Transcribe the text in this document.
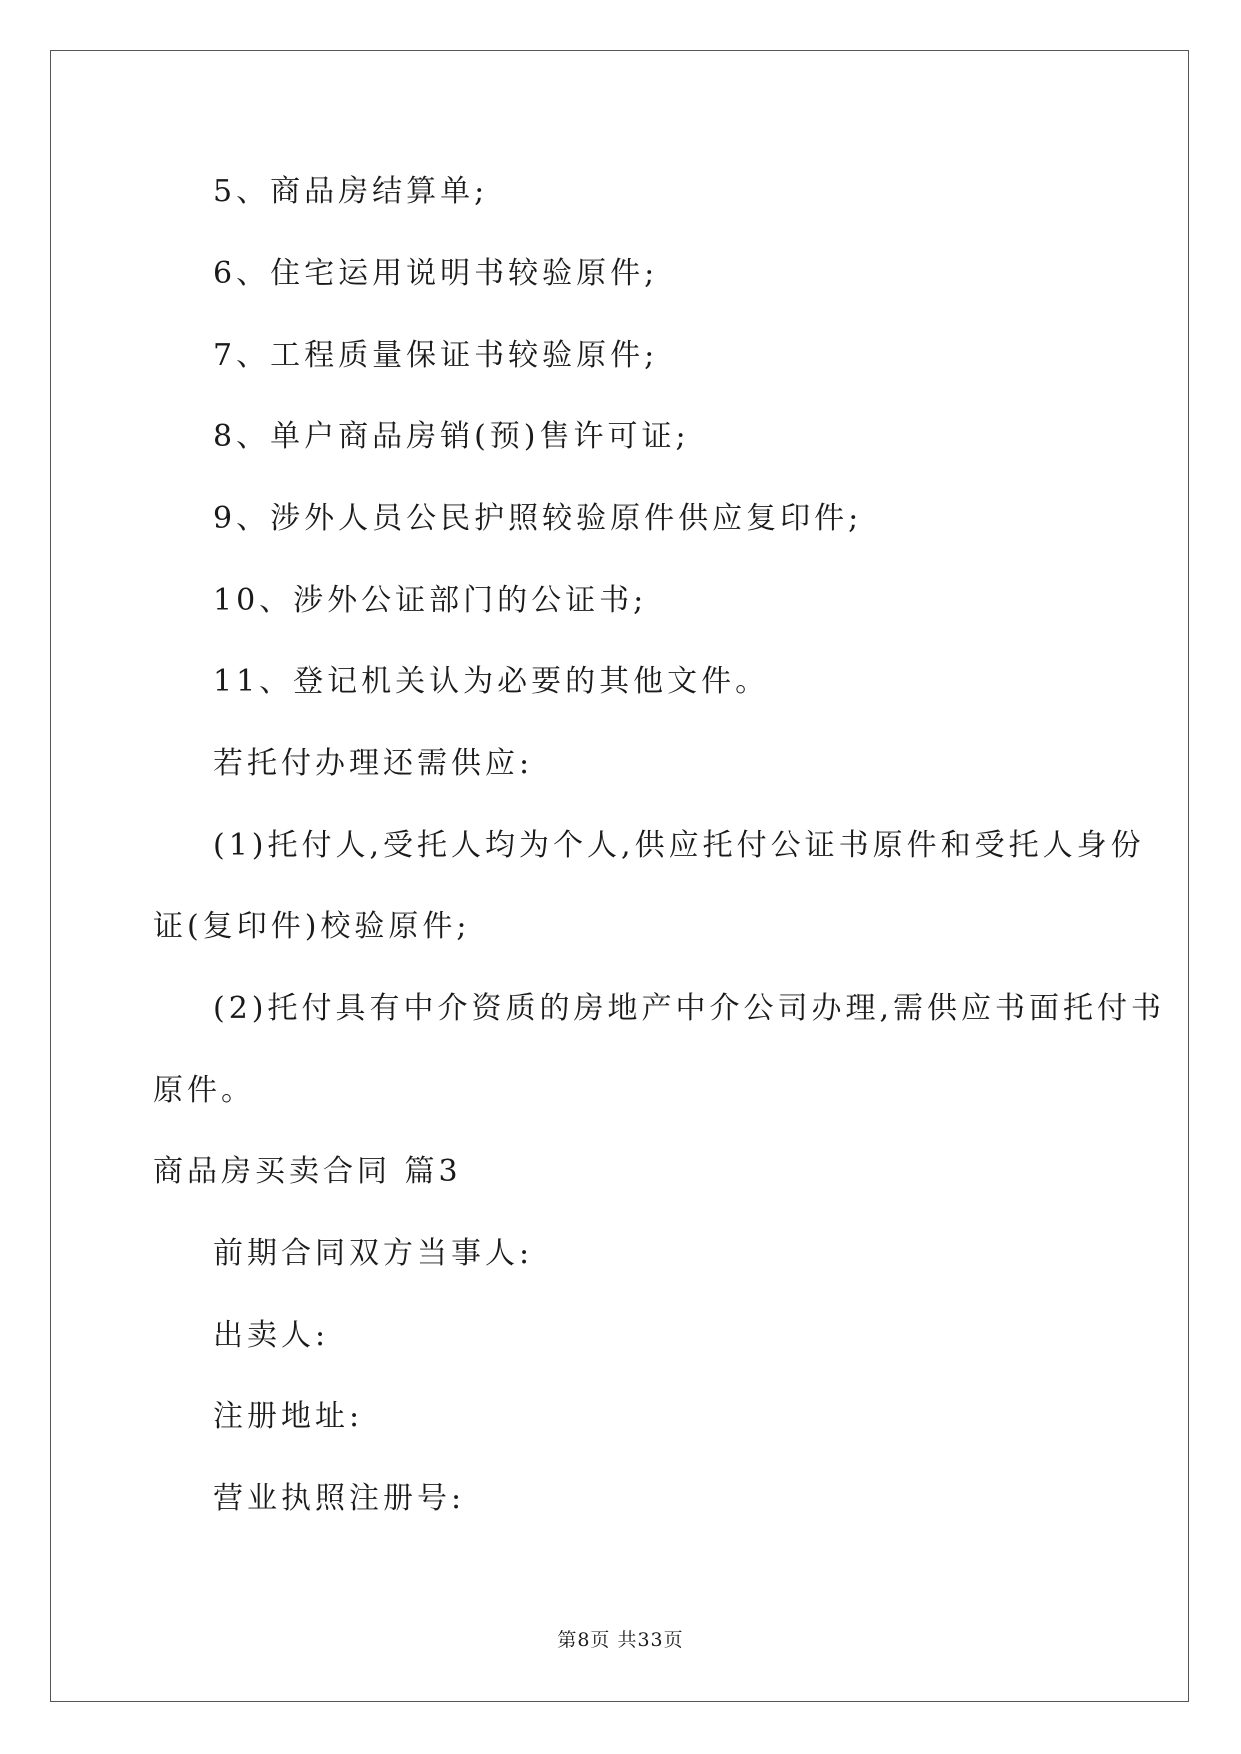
5、商品房结算单;
6、住宅运用说明书较验原件;
7、工程质量保证书较验原件;
8、单户商品房销(预)售许可证;
9、涉外人员公民护照较验原件供应复印件;
10、涉外公证部门的公证书;
11、登记机关认为必要的其他文件。
若托付办理还需供应:
(1)托付人,受托人均为个人,供应托付公证书原件和受托人身份
证(复印件)校验原件;
(2)托付具有中介资质的房地产中介公司办理,需供应书面托付书
原件。
商品房买卖合同 篇3
前期合同双方当事人:
出卖人:
注册地址:
营业执照注册号:
第8页 共33页
